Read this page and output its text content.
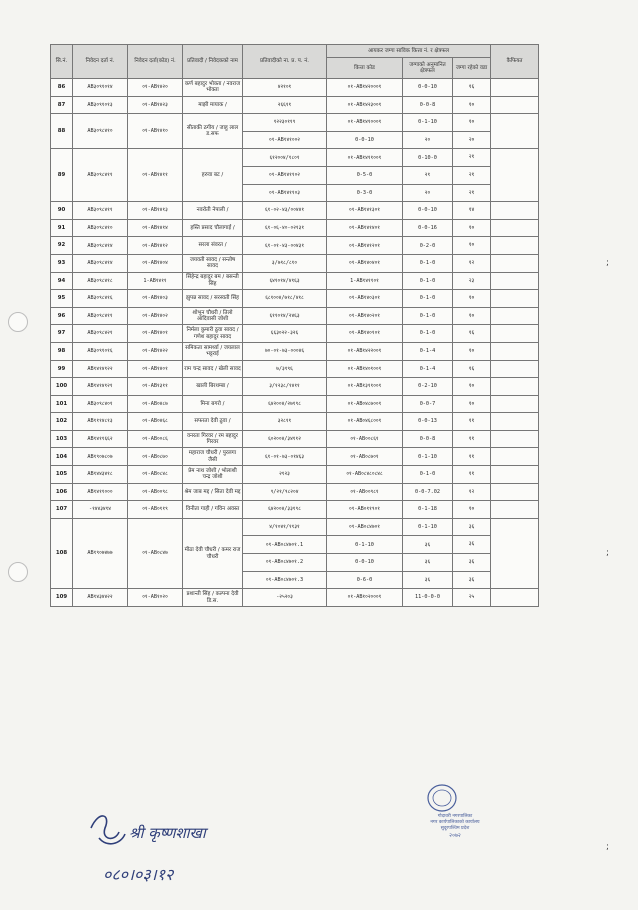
;
;
;
सि.नं.	निवेदन दर्ता नं.	निवेदन दर्ता(कोड) नं.	प्रतिवादी / निवेदकको नाम	प्रतिवादीको ना. प्र. प. नं.	आयकर जग्गा साविक कित्ता नं. र क्षेत्रफल			कैफियत
					कित्ता कोड	जग्गाको अनुमानित क्षेत्रफल	जग्गा रहेको वडा	
86	AB३०९१०१४	०१-AB१४२०	कर्ण बहादुर भोक्ता / नवराज भोक्ता	४२१०१	०१-AB१४२०००१	0-0-10	१६	
87	AB३०९१०१३	०१-AB१४२३	माझी मायाक /	२६६११	०१-AB१४२३००१	0-0-8	१०	
88	AB३०९८४१०	०१-AB१४१०	सीताकी ठगीय / जाहु लाल ड.सफ	१२२३०११९	०१-AB१४१०००१	0-1-10	१०	
				०१-AB१४१००२	0-0-10	२०	२०	
89	AB३०९८४११	०१-AB१४११	हरुवा बट /	६१२००४/१८०१	०१-AB१४११००१	0-10-0	२१	
				०१-AB१४११०२	0-5-0	२१	२१	
				०१-AB१४११०३	0-3-0	२०	२१	
90	AB३०९८४११	०१-AB१४१३	नवरोती नेपाली /	६१-०२-४३/००४४१	०१-AB१४१३०१	0-0-10	१४	
91	AB३०९८४१०	०१-AB१४१४	हस्ति प्रसाद चौलागाईं /	६१-०६-४०-०२१३१	०१-AB१४१४०१	0-0-16	१०	
92	AB३०९८४१४	०१-AB१४१२	सरला संवरत /	६१-०१-४३-००४३१	०१-AB१४१२०१	0-2-0	१०	
93	AB३०९८४१४	०१-AB१४०४	जयवती सावद / सन्तोष सावद	३/७१८/८१०	०१-AB१४०४०१	0-1-0	१२	
94	AB३०९८४१८	1-AB१४११	सिंहेन्द्र बहादुर बम / बसन्ती सिंह	६४१०१४/४१६३	1-AB१४११०१	0-1-0	२३	
95	AB३०९८४१६	०१-AB१४०३	झुपन्न सावद / सरस्वती सिंह	६८१००४/७१८/४१८	०१-AB१४०३०१	0-1-0	१०	
96	AB३०९८४११	०१-AB१४०२	शोभुन चौधरी / तिलो आदिवासी जोशी	६११०१४/२४६३	०१-AB१४०२०१	0-1-0	१०	
97	AB३०९८४२१	०१-AB१४०१	निर्मला कुमारी ठुवा सावद / गणेश बहादुर सावद	६६३०२२-३२६	०१-AB१४०१०१	0-1-0	१६	
98	AB३०९१०१६	०१-AB१४२२	समिकता सामर्थ्या / जयलाल भट्टराई	७०-०१-७३-०००४६	०१-AB१४२२००१	0-1-4	१०	
99	AB१४१४१२२	०१-AB१४०१	राम चन्द्र सावद / खेली सावद	७/३१९६	०१-AB१४०१००१	0-1-4	१६	
100	AB१४१४१२१	०१-AB१३११	खाली बिरथम्बा /	३/१२३८/१४११	०१-AB१३११००१	0-2-10	१०	
101	AB३०९८४०१	०१-AB०४८७	मिना बगरो /	६४२००४/२७१९८	०१-AB०४८७००१	0-0-7	१०	
102	AB१११४८१३	०१-AB०४६८	सफरता देवी ठुवा /	३२८११	०१-AB०४६८००१	0-0-13	११	
103	AB१४११६६२	०१-AB००८६	वनरता गिरवर / रम बहादुर गिरवर	६०२००४/३४११२	०१-AB००८६१	0-0-8	११	
104	AB१९०७८०७	०१-AB०८७०	महाराज चौधरी / पुरलगा जैसी	६१-०१-७३-०१४६३	०१-AB०८७०१	0-1-10	११	
105	AB१४४३४१८	०१-AB०८४८	प्रेम नाथ जोशी / भोलाशी चन्द्र जोशी	२१२३	०१-AB०८४८०८४८	0-1-0	११	
106	AB१४११०००	०१-AB००९८	श्रेम जाब मद्द / सिता देवी मद्द	९/२१/९८२०४	०१-AB००९८१	0-0-7.02	१२	
107	-१४४३४१४	०१-AB०११९	विनीता गाही / गविन अवस्त	६४२००४/३३१९८	०१-AB०११९०१	0-1-18	१०	
108	AB१९०७४७७	०१-AB०८४७	मीठा देवी चौधरी / कमर राज चौधरी	४/१०४१/११३१	०१-AB०८४७०१	0-1-10	३६	
				०१-AB०८४७०१.1	0-1-10	३६	३६	
				०१-AB०८४७०१.2	0-0-10	३६	३६	
				०१-AB०८४७०१.3	0-6-0	३६	३६	
109	AB१४३४४२२	०१-AB१०२०	प्रशान्ती सिंह / कल्पना देवी डि.स.	-२५२०३	०१-AB१०२०००१	11-0-0-0	२५	
गोदावरी नगरपालिका
नगर कार्यपालिकाको कार्यालय
सुदूरपश्चिम प्रदेश
२०७२
श्री कृष्णशाखा
०८०।०३।१२
